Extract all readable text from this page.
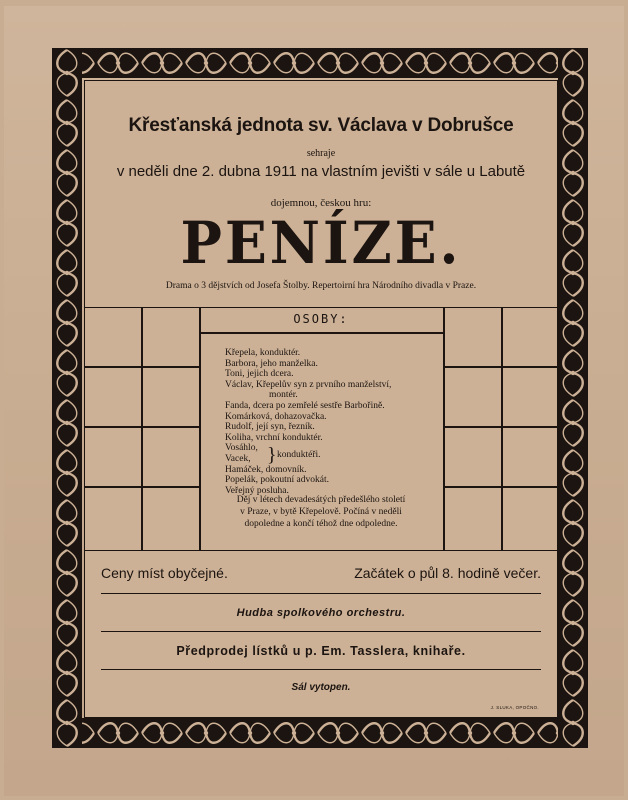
Křesťanská jednota sv. Václava v Dobrušce
sehraje
v neděli dne 2. dubna 1911 na vlastním jevišti v sále u Labutě
dojemnou, českou hru:
PENÍZE.
Drama o 3 dějstvích od Josefa Štolby. Repertoirní hra Národního divadla v Praze.
OSOBY:
Křepela, konduktér.
Barbora, jeho manželka.
Toni, jejich dcera.
Václav, Křepelův syn z prvního manželství,
montér.
Fanda, dcera po zemřelé sestře Barbořině.
Komárková, dohazovačka.
Rudolf, její syn, řezník.
Koliha, vrchní konduktér.
Vosáhlo,
Vacek, } konduktéři.
Hamáček, domovník.
Popelák, pokoutní advokát.
Veřejný posluha.
Děj v létech devadesátých předešlého století
v Praze, v bytě Křepelově. Počíná v neděli
dopoledne a končí téhož dne odpoledne.
Ceny míst obyčejné.	Začátek o půl 8. hodině večer.
Hudba spolkového orchestru.
Předprodej lístků u p. Em. Tasslera, knihaře.
Sál vytopen.
J. SLUKA, OPOČNO.
